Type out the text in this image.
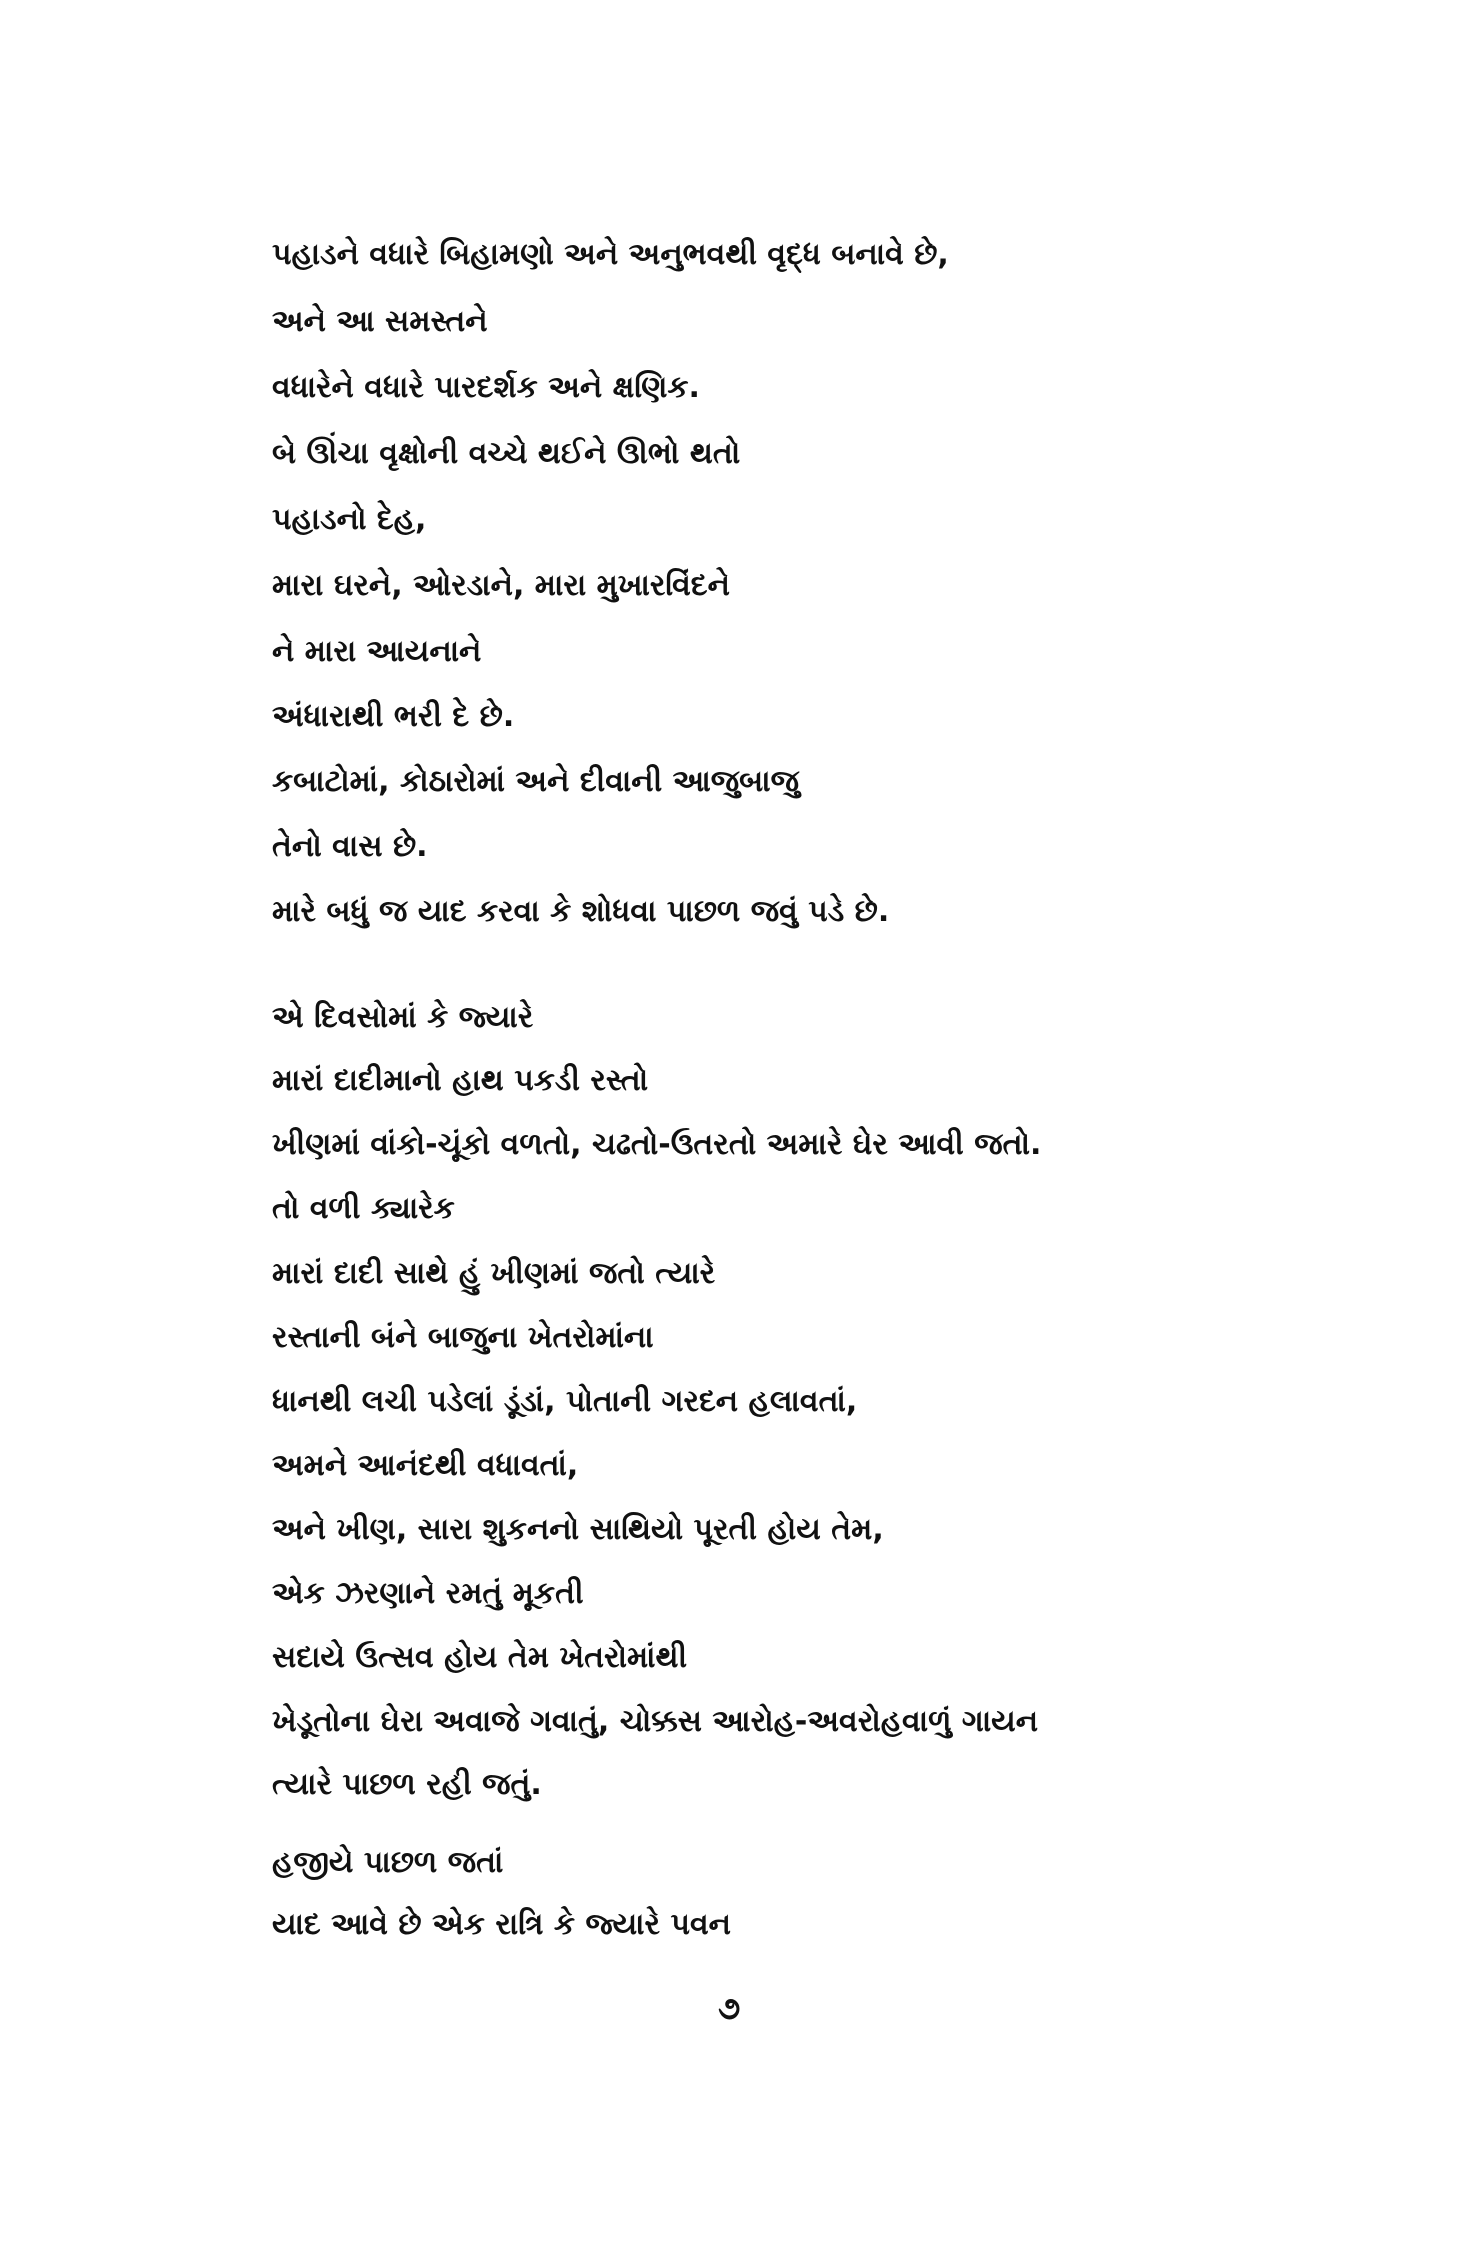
પહાડને વધારે બિહામણો અને અનુભવથી વૃદ્ધ બનાવે છે,
અને આ સમસ્તને
વધારેને વધારે પારદર્શક અને ક્ષણિક.
બે ઊંચા વૃક્ષોની વચ્ચે થઈને ઊભો થતો
પહાડનો દેહ,
મારા ઘરને, ઓરડાને, મારા મુખારવિંદને
ને મારા આયનાને
અંધારાથી ભરી દે છે.
કબાટોમાં, કોઠારોમાં અને દીવાની આજુબાજુ
તેનો વાસ છે.
મારે બધું જ યાદ કરવા કે શોધવા પાછળ જવું પડે છે.
એ દિવસોમાં કે જ્યારે
મારાં દાદીમાનો હાથ પકડી રસ્તો
ખીણમાં વાંકો-ચૂંકો વળતો, ચઢતો-ઉતરતો અમારે ઘેર આવી જતો.
તો વળી ક્યારેક
મારાં દાદી સાથે હું ખીણમાં જતો ત્યારે
રસ્તાની બંને બાજુના ખેતરોમાંના
ધાનથી લચી પડેલાં ડૂંડાં, પોતાની ગરદન હલાવતાં,
અમને આનંદથી વધાવતાં,
અને ખીણ, સારા શુકનનો સાથિયો પૂરતી હોય તેમ,
એક ઝરણાને રમતું મૂકતી
સદાયે ઉત્સવ હોય તેમ ખેતરોમાંથી
ખેડૂતોના ઘેરા અવાજે ગવાતું, ચોક્કસ આરોહ-અવરોહવાળું ગાયન
ત્યારે પાછળ રહી જતું.
હજીયે પાછળ જતાં
યાદ આવે છે એક રાત્રિ કે જ્યારે પવન
૭
